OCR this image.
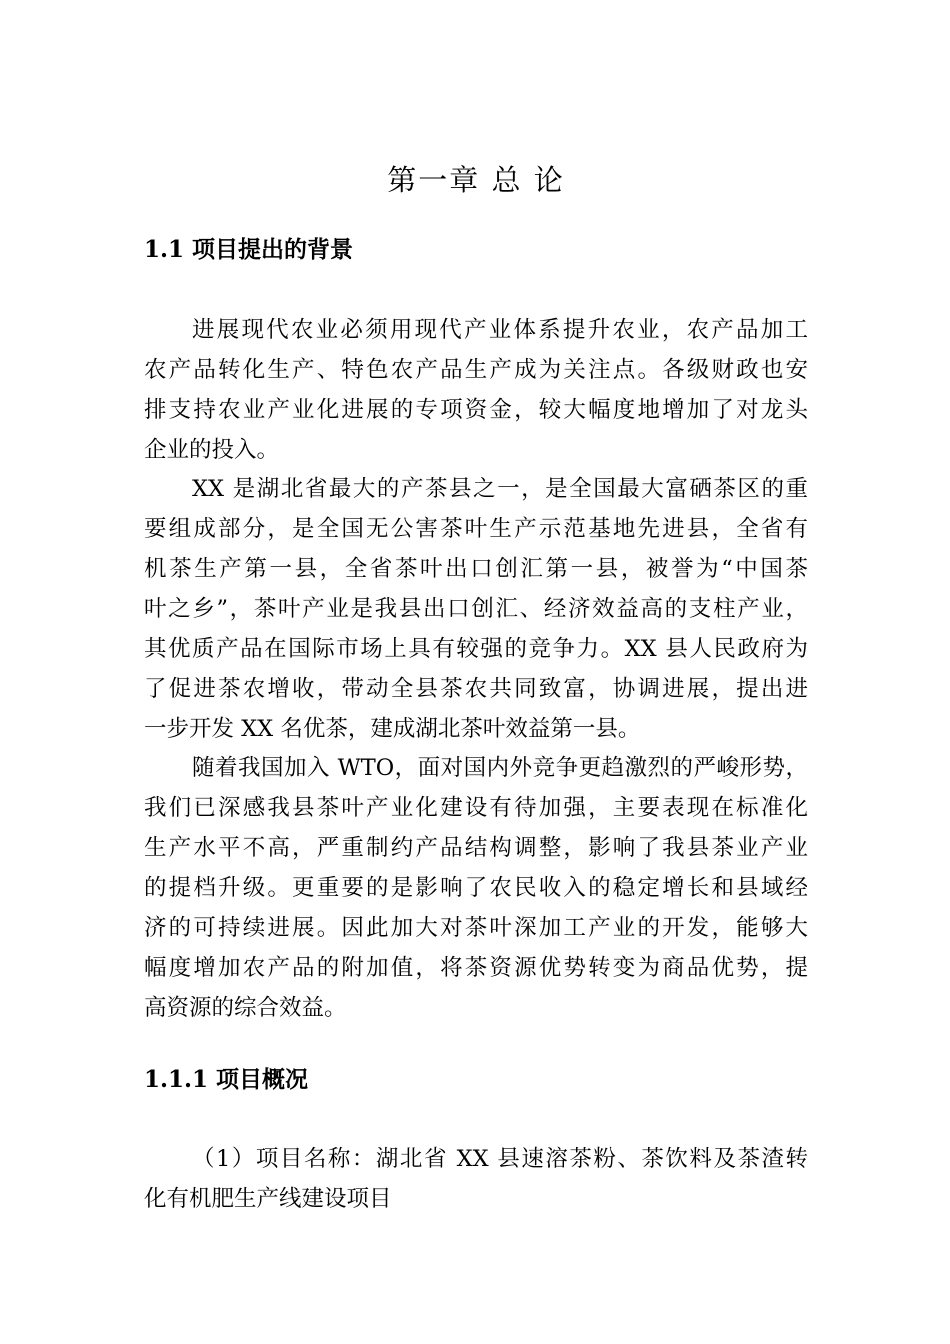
第一章 总 论
1.1 项目提出的背景
进展现代农业必须用现代产业体系提升农业，农产品加工
农产品转化生产、特色农产品生产成为关注点。各级财政也安
排支持农业产业化进展的专项资金，较大幅度地增加了对龙头
企业的投入。
XX 是湖北省最大的产茶县之一，是全国最大富硒茶区的重
要组成部分，是全国无公害茶叶生产示范基地先进县，全省有
机茶生产第一县，全省茶叶出口创汇第一县，被誉为“中国茶
叶之乡”，茶叶产业是我县出口创汇、经济效益高的支柱产业，
其优质产品在国际市场上具有较强的竞争力。XX 县人民政府为
了促进茶农增收，带动全县茶农共同致富，协调进展，提出进
一步开发 XX 名优茶，建成湖北茶叶效益第一县。
随着我国加入 WTO，面对国内外竞争更趋激烈的严峻形势，
我们已深感我县茶叶产业化建设有待加强，主要表现在标准化
生产水平不高，严重制约产品结构调整，影响了我县茶业产业
的提档升级。更重要的是影响了农民收入的稳定增长和县域经
济的可持续进展。因此加大对茶叶深加工产业的开发，能够大
幅度增加农产品的附加值，将茶资源优势转变为商品优势，提
高资源的综合效益。
1.1.1 项目概况
（1）项目名称：湖北省 XX 县速溶茶粉、茶饮料及茶渣转
化有机肥生产线建设项目
